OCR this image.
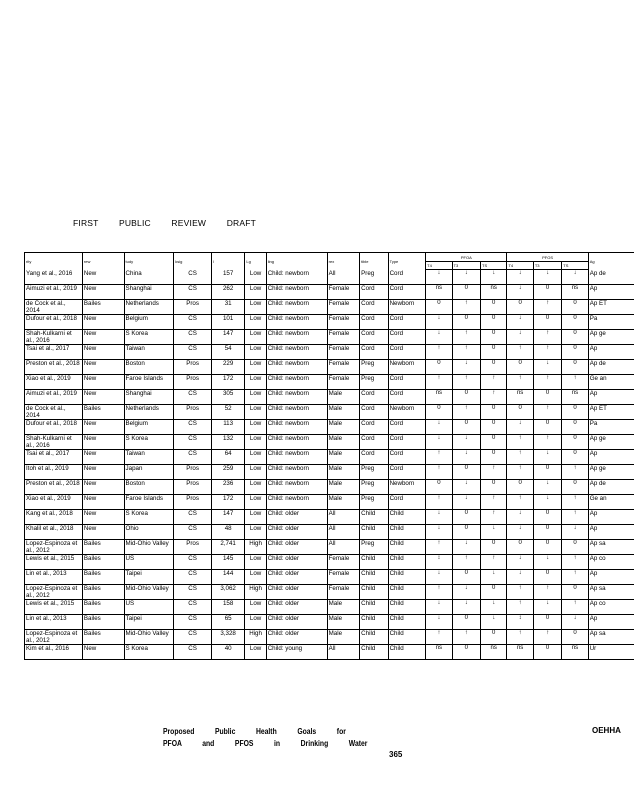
FIRST PUBLIC REVIEW DRAFT
rity	rew	tudy	ksig	l	Lg	ling	rex	tible	Type	PFOA			PFOS			Ag
										T4	T3	TS	T4	T3	TS	
Yang et al., 2016	New	China	CS	157	Low	Child: newborn	All	Preg	Cord	↓	↓	↓	↓	↓	↓	Ap de
Aimuzi et al., 2019	New	Shanghai	CS	262	Low	Child: newborn	Female	Cord	Cord	ns	0	ns	↓	0	ns	Ap
de Cock et al., 2014	Bailes	Netherlands	Pros	31	Low	Child: newborn	Female	Cord	Newborn	0	↑	0	0	↑	0	Ap ET
Dufour et al., 2018	New	Belgium	CS	101	Low	Child: newborn	Female	Cord	Cord	↓	0	0	↓	0	0	Pa
Shah-Kulkarni et al., 2016	New	S Korea	CS	147	Low	Child: newborn	Female	Cord	Cord	↓	↑	0	↓	↑	0	Ap ge
Tsai et al., 2017	New	Taiwan	CS	54	Low	Child: newborn	Female	Cord	Cord	↑	↑	0	↑	↑	0	Ap
Preston et al., 2018	New	Boston	Pros	229	Low	Child: newborn	Female	Preg	Newborn	0	↓	0	0	↓	0	Ap de
Xiao et al., 2019	New	Faroe Islands	Pros	172	Low	Child: newborn	Female	Preg	Cord	↑	↑	↑	↑	↑	↑	Ge an
Aimuzi et al., 2019	New	Shanghai	CS	305	Low	Child: newborn	Male	Cord	Cord	ns	0	↑	ns	0	ns	Ap
de Cock et al., 2014	Bailes	Netherlands	Pros	52	Low	Child: newborn	Male	Cord	Newborn	0	↑	0	0	↑	0	Ap ET
Dufour et al., 2018	New	Belgium	CS	113	Low	Child: newborn	Male	Cord	Cord	↓	0	0	↓	0	0	Pa
Shah-Kulkarni et al., 2016	New	S Korea	CS	132	Low	Child: newborn	Male	Cord	Cord	↓	↓	0	↑	↑	0	Ap ge
Tsai et al., 2017	New	Taiwan	CS	64	Low	Child: newborn	Male	Cord	Cord	↑	↓	0	↑	↓	0	Ap
Itoh et al., 2019	New	Japan	Pros	259	Low	Child: newborn	Male	Preg	Cord	↑	0	↑	↑	0	↑	Ap ge
Preston et al., 2018	New	Boston	Pros	236	Low	Child: newborn	Male	Preg	Newborn	0	↓	0	0	↓	0	Ap de
Xiao et al., 2019	New	Faroe Islands	Pros	172	Low	Child: newborn	Male	Preg	Cord	↑	↓	↑	↑	↓	↑	Ge an
Kang et al., 2018	New	S Korea	CS	147	Low	Child: older	All	Child	Child	↓	0	↑	↓	0	↑	Ap
Khalil et al., 2018	New	Ohio	CS	48	Low	Child: older	All	Child	Child	↓	0	↓	↓	0	↓	Ap
Lopez-Espinoza et al., 2012	Bailes	Mid-Ohio Valley	Pros	2,741	High	Child: older	All	Preg	Child	↑	↓	0	0	0	0	Ap sa
Lewis et al., 2015	Bailes	US	CS	145	Low	Child: older	Female	Child	Child	↕	↑	↑	↓	↓	↑	Ap co
Lin et al., 2013	Bailes	Taipei	CS	144	Low	Child: older	Female	Child	Child	↓	0	↓	↓	0	↑	Ap
Lopez-Espinoza et al., 2012	Bailes	Mid-Ohio Valley	CS	3,062	High	Child: older	Female	Child	Child	↑	↓	0	↑	↑	0	Ap sa
Lewis et al., 2015	Bailes	US	CS	158	Low	Child: older	Male	Child	Child	↓	↓	↓	↑	↓	↑	Ap co
Lin et al., 2013	Bailes	Taipei	CS	65	Low	Child: older	Male	Child	Child	↓	0	↓	↕	0	↓	Ap
Lopez-Espinoza et al., 2012	Bailes	Mid-Ohio Valley	CS	3,328	High	Child: older	Male	Child	Child	↑	↑	0	↑	↑	0	Ap sa
Kim et al., 2016	New	S Korea	CS	40	Low	Child: young	All	Child	Child	ns	0	ns	ns	0	ns	Ur
Proposed Public Health Goals for
PFOA and PFOS in Drinking Water
OEHHA
365
